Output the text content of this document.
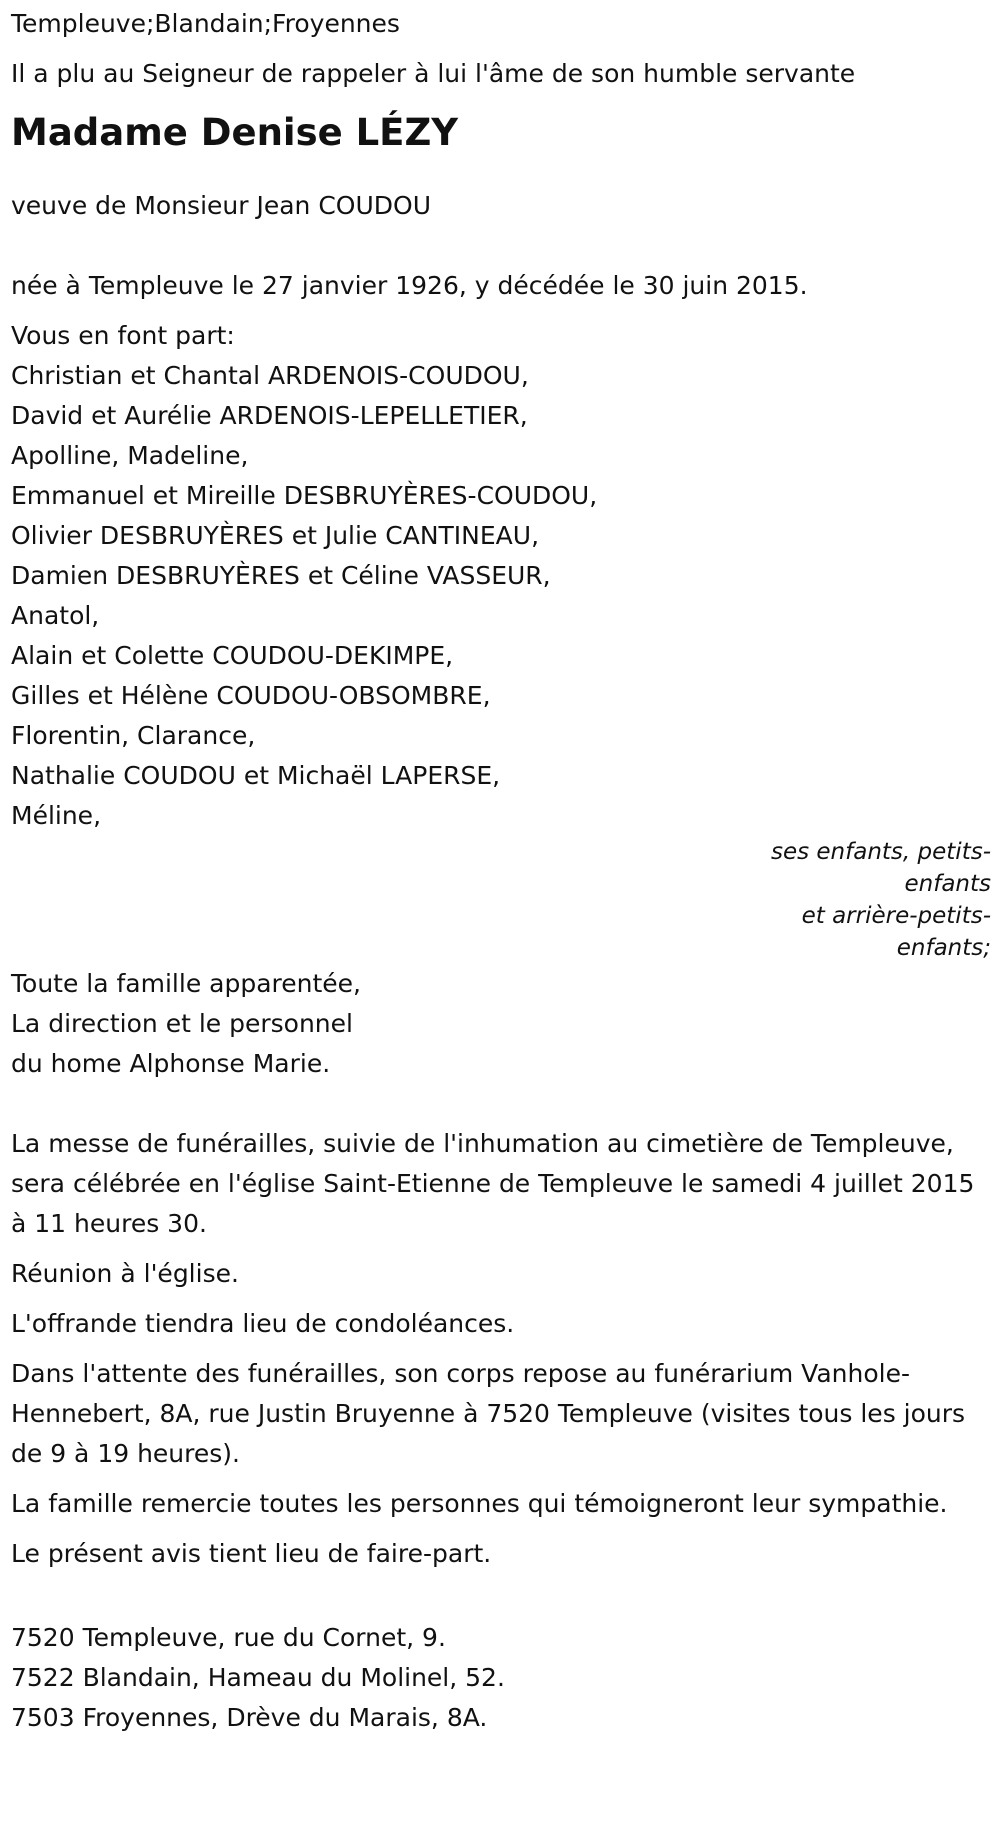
Templeuve;Blandain;Froyennes
Il a plu au Seigneur de rappeler à lui l'âme de son humble servante
Madame Denise LÉZY
veuve de Monsieur Jean COUDOU
née à Templeuve le 27 janvier 1926, y décédée le 30 juin 2015.
Vous en font part:
Christian et Chantal ARDENOIS-COUDOU,
David et Aurélie ARDENOIS-LEPELLETIER,
Apolline, Madeline,
Emmanuel et Mireille DESBRUYÈRES-COUDOU,
Olivier DESBRUYÈRES et Julie CANTINEAU,
Damien DESBRUYÈRES et Céline VASSEUR,
Anatol,
Alain et Colette COUDOU-DEKIMPE,
Gilles et Hélène COUDOU-OBSOMBRE,
Florentin, Clarance,
Nathalie COUDOU et Michaël LAPERSE,
Méline,
ses enfants, petits-enfants
et arrière-petits-enfants;
Toute la famille apparentée,
La direction et le personnel
du home Alphonse Marie.
La messe de funérailles, suivie de l'inhumation au cimetière de Templeuve, sera célébrée en l'église Saint-Etienne de Templeuve le samedi 4 juillet 2015 à 11 heures 30.
Réunion à l'église.
L'offrande tiendra lieu de condoléances.
Dans l'attente des funérailles, son corps repose au funérarium Vanhole-Hennebert, 8A, rue Justin Bruyenne à 7520 Templeuve (visites tous les jours de 9 à 19 heures).
La famille remercie toutes les personnes qui témoigneront leur sympathie.
Le présent avis tient lieu de faire-part.
7520 Templeuve, rue du Cornet, 9.
7522 Blandain, Hameau du Molinel, 52.
7503 Froyennes, Drève du Marais, 8A.
